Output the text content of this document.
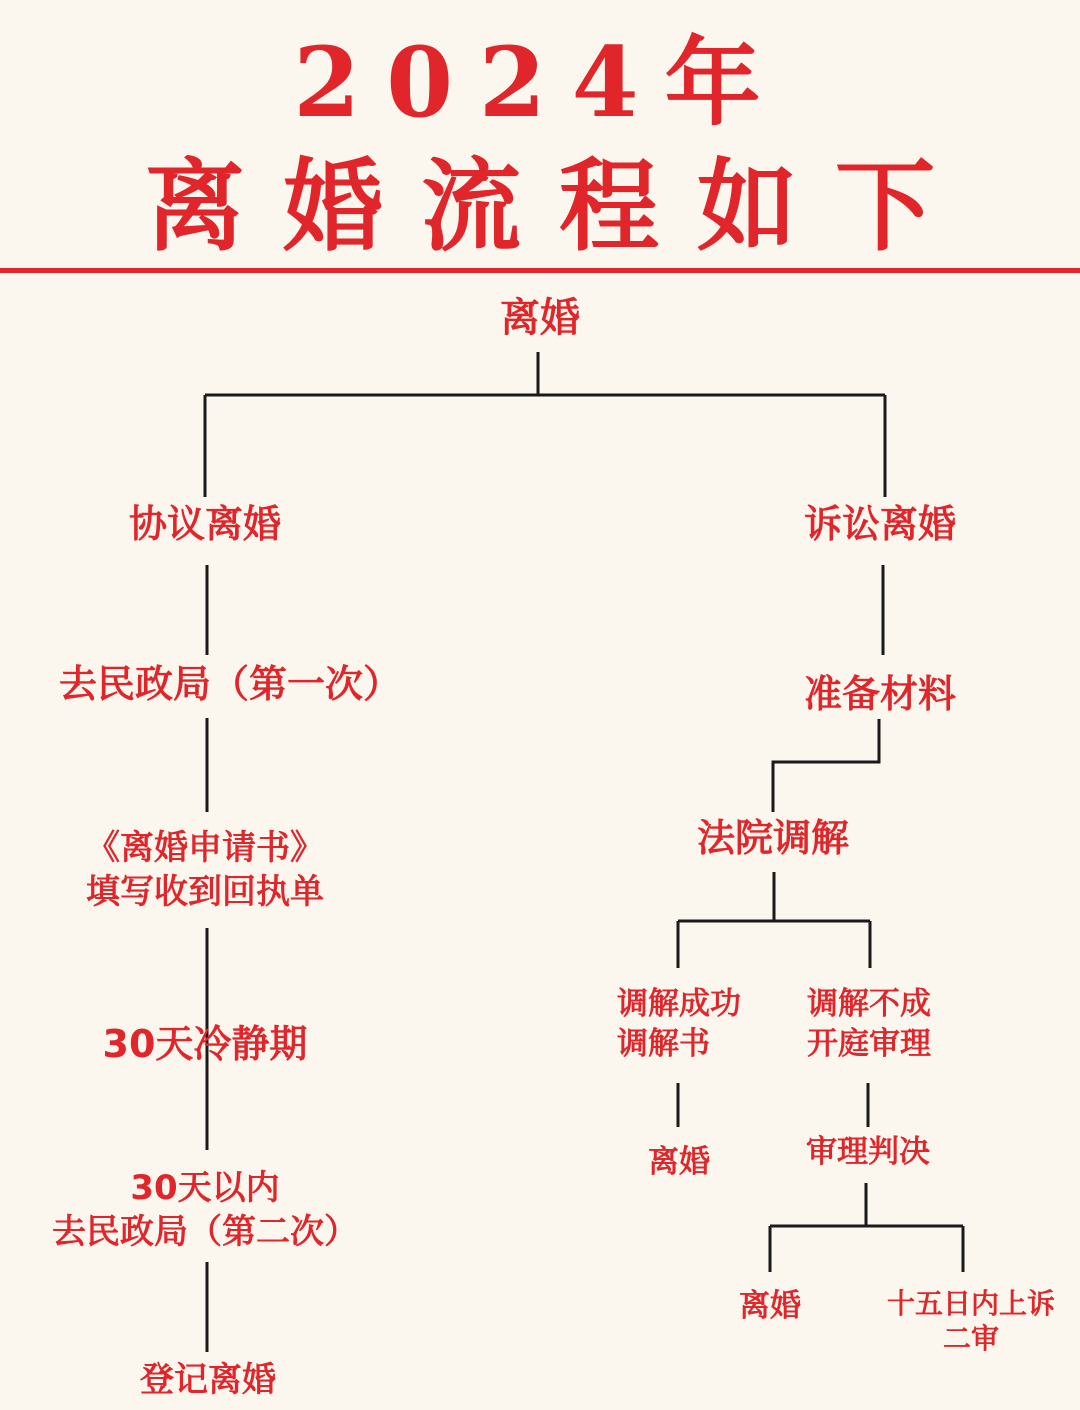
2024年
离婚流程如下
离婚
协议离婚
去民政局（第一次）
《离婚申请书》
填写收到回执单
30天冷静期
30天以内
去民政局（第二次）
登记离婚
诉讼离婚
准备材料
法院调解
调解成功
调解书
调解不成
开庭审理
离婚	审理判决
离婚	十五日内上诉
二审
